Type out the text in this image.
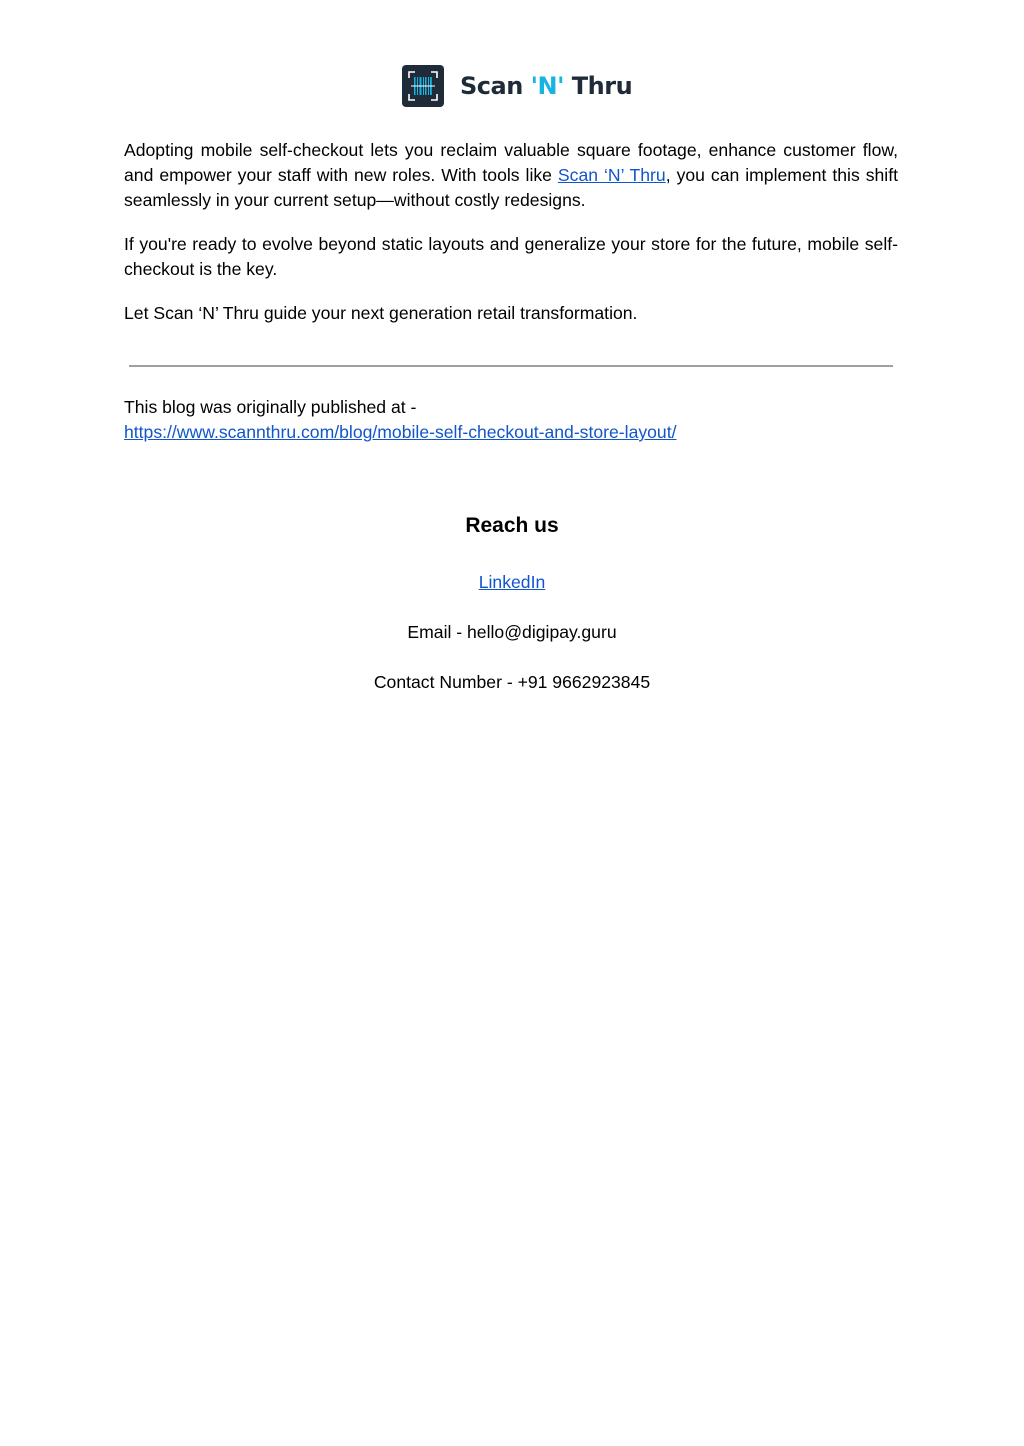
Scan 'N' Thru

Adopting mobile self-checkout lets you reclaim valuable square footage, enhance customer flow, and empower your staff with new roles. With tools like Scan ‘N’ Thru, you can implement this shift seamlessly in your current setup—without costly redesigns.

If you're ready to evolve beyond static layouts and generalize your store for the future, mobile self-checkout is the key.

Let Scan ‘N’ Thru guide your next generation retail transformation.

This blog was originally published at -
https://www.scannthru.com/blog/mobile-self-checkout-and-store-layout/
Reach us
LinkedIn
Email - hello@digipay.guru
Contact Number - +91 9662923845
